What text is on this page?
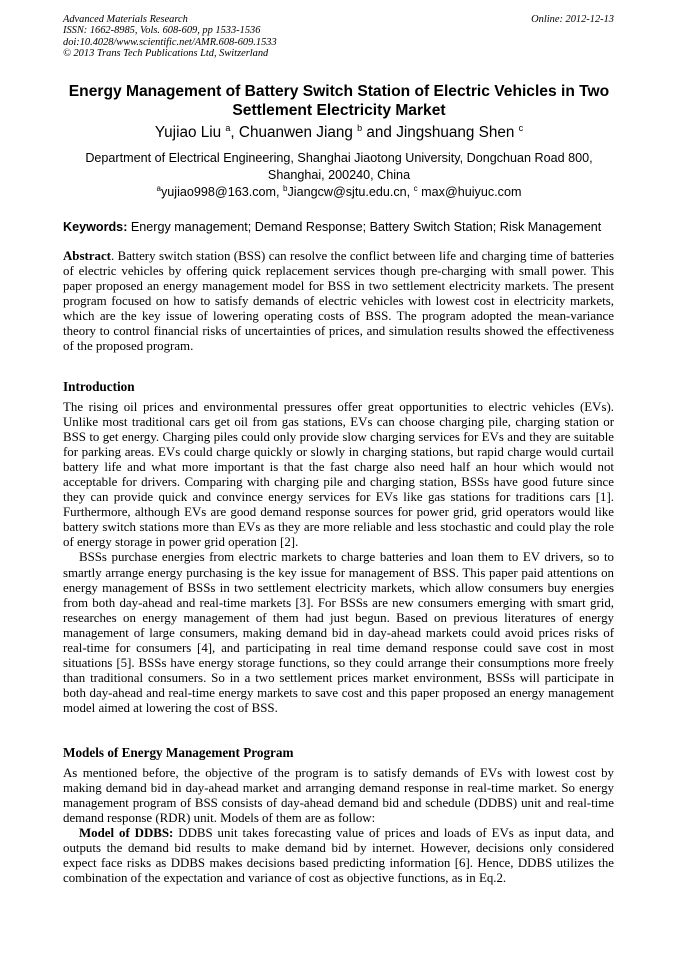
Advanced Materials Research
ISSN: 1662-8985, Vols. 608-609, pp 1533-1536
doi:10.4028/www.scientific.net/AMR.608-609.1533
© 2013 Trans Tech Publications Ltd, Switzerland
Online: 2012-12-13
Energy Management of Battery Switch Station of Electric Vehicles in Two
Settlement Electricity Market
Yujiao Liu $^a$, Chuanwen Jiang $^b$ and Jingshuang Shen $^c$
Department of Electrical Engineering, Shanghai Jiaotong University, Dongchuan Road 800, Shanghai, 200240, China
$^a$yujiao998@163.com, $^b$Jiangcw@sjtu.edu.cn, $^c$ max@huiyuc.com
Keywords: Energy management; Demand Response; Battery Switch Station; Risk Management

Abstract. Battery switch station (BSS) can resolve the conflict between life and charging time of batteries of electric vehicles by offering quick replacement services though pre-charging with small power. This paper proposed an energy management model for BSS in two settlement electricity markets. The present program focused on how to satisfy demands of electric vehicles with lowest cost in electricity markets, which are the key issue of lowering operating costs of BSS. The program adopted the mean-variance theory to control financial risks of uncertainties of prices, and simulation results showed the effectiveness of the proposed program.

Introduction

The rising oil prices and environmental pressures offer great opportunities to electric vehicles (EVs). Unlike most traditional cars get oil from gas stations, EVs can choose charging pile, charging station or BSS to get energy. Charging piles could only provide slow charging services for EVs and they are suitable for parking areas. EVs could charge quickly or slowly in charging stations, but rapid charge would curtail battery life and what more important is that the fast charge also need half an hour which would not acceptable for drivers. Comparing with charging pile and charging station, BSSs have good future since they can provide quick and convince energy services for EVs like gas stations for traditions cars [1]. Furthermore, although EVs are good demand response sources for power grid, grid operators would like battery switch stations more than EVs as they are more reliable and less stochastic and could play the role of energy storage in power grid operation [2].

BSSs purchase energies from electric markets to charge batteries and loan them to EV drivers, so to smartly arrange energy purchasing is the key issue for management of BSS. This paper paid attentions on energy management of BSSs in two settlement electricity markets, which allow consumers buy energies from both day-ahead and real-time markets [3]. For BSSs are new consumers emerging with smart grid, researches on energy management of them had just begun. Based on previous literatures of energy management of large consumers, making demand bid in day-ahead markets could avoid prices risks of real-time for consumers [4], and participating in real time demand response could save cost in most situations [5]. BSSs have energy storage functions, so they could arrange their consumptions more freely than traditional consumers. So in a two settlement prices market environment, BSSs will participate in both day-ahead and real-time energy markets to save cost and this paper proposed an energy management model aimed at lowering the cost of BSS.

Models of Energy Management Program

As mentioned before, the objective of the program is to satisfy demands of EVs with lowest cost by making demand bid in day-ahead market and arranging demand response in real-time market. So energy management program of BSS consists of day-ahead demand bid and schedule (DDBS) unit and real-time demand response (RDR) unit. Models of them are as follow:

Model of DDBS: DDBS unit takes forecasting value of prices and loads of EVs as input data, and outputs the demand bid results to make demand bid by internet. However, decisions only considered expect face risks as DDBS makes decisions based predicting information [6]. Hence, DDBS utilizes the combination of the expectation and variance of cost as objective functions, as in Eq.2.
